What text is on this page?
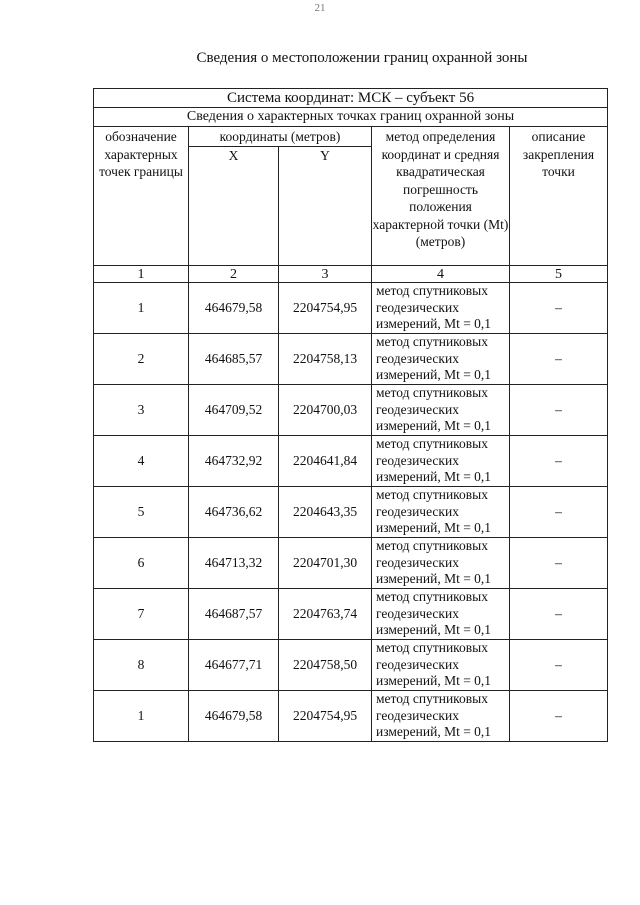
21
Сведения о местоположении границ охранной зоны
Система координат: МСК – субъект 56				
Сведения о характерных точках границ охранной зоны				
обозначение характерных точек границы	координаты (метров)		метод определения координат и средняя квадратическая погрешность положения характерной точки (Mt) (метров)	описание закрепления точки
	X	Y		

1	2	3	4	5
1	464679,58	2204754,95	метод спутниковых геодезических измерений, Mt = 0,1	–
2	464685,57	2204758,13	метод спутниковых геодезических измерений, Mt = 0,1	–
3	464709,52	2204700,03	метод спутниковых геодезических измерений, Mt = 0,1	–
4	464732,92	2204641,84	метод спутниковых геодезических измерений, Mt = 0,1	–
5	464736,62	2204643,35	метод спутниковых геодезических измерений, Mt = 0,1	–
6	464713,32	2204701,30	метод спутниковых геодезических измерений, Mt = 0,1	–
7	464687,57	2204763,74	метод спутниковых геодезических измерений, Mt = 0,1	–
8	464677,71	2204758,50	метод спутниковых геодезических измерений, Mt = 0,1	–
1	464679,58	2204754,95	метод спутниковых геодезических измерений, Mt = 0,1	–
